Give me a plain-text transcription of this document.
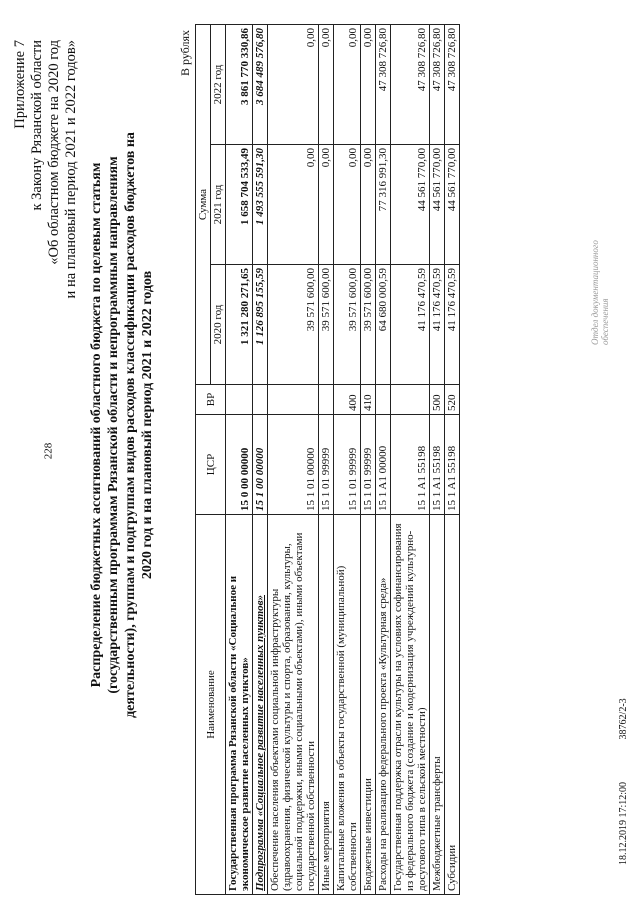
228
Приложение 7 к Закону Рязанской области «Об областном бюджете на 2020 год и на плановый период 2021 и 2022 годов» Распределение бюджетных ассигнований областного бюджета по целевым статьям (государственным программам Рязанской области и непрограммным направлениям деятельности), группам и подгруппам видов расходов классификации расходов бюджетов на 2020 год и на плановый период 2021 и 2022 годов
В рублях
Наименование	ЦСР	ВР	Сумма		
			2020 год	2021 год	2022 год
Государственная программа Рязанской области «Социальное и экономическое развитие населенных пунктов»	15 0 00 00000		1 321 280 271,65	1 658 704 533,49	3 861 770 330,86
Подпрограмма «Социальное развитие населенных пунктов»	15 1 00 00000		1 126 895 155,59	1 493 555 591,30	3 684 489 576,80
Обеспечение населения объектами социальной инфраструктуры (здравоохранения, физической культуры и спорта, образования, культуры, социальной поддержки, иными социальными объектами), иными объектами государственной собственности	15 1 01 00000		39 571 600,00	0,00	0,00
Иные мероприятия	15 1 01 99999		39 571 600,00	0,00	0,00
Капитальные вложения в объекты государственной (муниципальной) собственности	15 1 01 99999	400	39 571 600,00	0,00	0,00
Бюджетные инвестиции	15 1 01 99999	410	39 571 600,00	0,00	0,00
Расходы на реализацию федерального проекта «Культурная среда»	15 1 A1 00000		64 680 000,59	77 316 991,30	47 308 726,80
Государственная поддержка отрасли культуры на условиях софинансирования из федерального бюджета (создание и модернизация учреждений культурно-досугового типа в сельской местности)	15 1 A1 55198		41 176 470,59	44 561 770,00	47 308 726,80
Межбюджетные трансферты	15 1 A1 55198	500	41 176 470,59	44 561 770,00	47 308 726,80
Субсидии	15 1 A1 55198	520	41 176 470,59	44 561 770,00	47 308 726,80
18.12.2019 17:12:00 38762/2-3
Отдел документационного обеспечения
